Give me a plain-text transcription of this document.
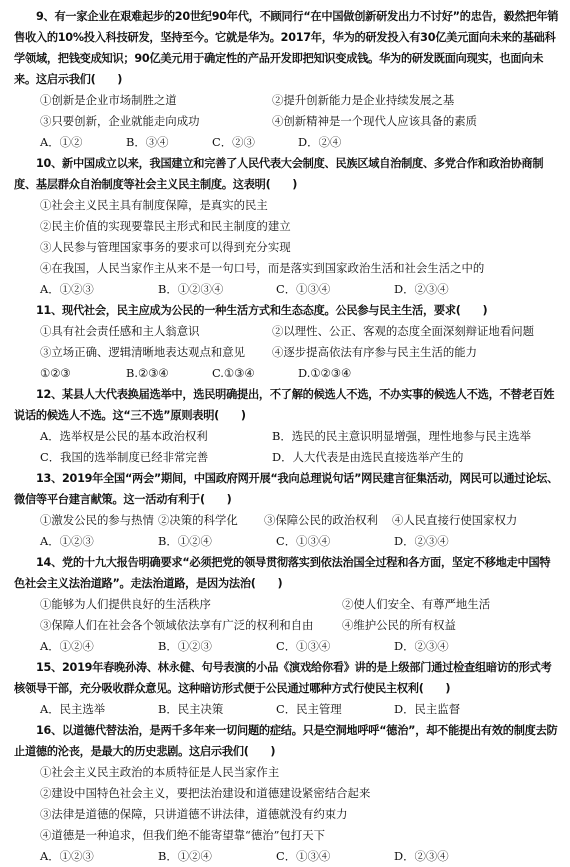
9、有一家企业在艰难起步的20世纪90年代，不顾同行“在中国做创新研发出力不讨好”的忠告，毅然把年销售收入的10%投入科技研发，坚持至今。它就是华为。2017年，华为的研发投入有30亿美元面向未来的基础科学领域，把钱变成知识；90亿美元用于确定性的产品开发即把知识变成钱。华为的研发既面向现实，也面向未来。这启示我们(　　)

①创新是企业市场制胜之道	②提升创新能力是企业持续发展之基
③只要创新，企业就能走向成功	④创新精神是一个现代人应该具备的素质
A．①②	B．③④	C．②③	D．②④

10、新中国成立以来，我国建立和完善了人民代表大会制度、民族区域自治制度、多党合作和政治协商制度、基层群众自治制度等社会主义民主制度。这表明(　　)

①社会主义民主具有制度保障，是真实的民主

②民主价值的实现要靠民主形式和民主制度的建立

③人民参与管理国家事务的要求可以得到充分实现

④在我国，人民当家作主从来不是一句口号，而是落实到国家政治生活和社会生活之中的

A．①②③	B．①②③④	C．①③④	D．②③④

11、现代社会，民主应成为公民的一种生活方式和生态态度。公民参与民主生活，要求(　　)

①具有社会责任感和主人翁意识	②以理性、公正、客观的态度全面深刻辩证地看问题
③立场正确、逻辑清晰地表达观点和意见	④逐步提高依法有序参与民主生活的能力
①②③	B.②③④	C.①③④	D.①②③④

12、某县人大代表换届选举中，选民明确提出，不了解的候选人不选，不办实事的候选人不选，不替老百姓说话的候选人不选。这“三不选”原则表明(　　)

A．选举权是公民的基本政治权利	B．选民的民主意识明显增强，理性地参与民主选举
C．我国的选举制度已经非常完善	D．人大代表是由选民直接选举产生的

13、2019年全国“两会”期间，中国政府网开展“我向总理说句话”网民建言征集活动，网民可以通过论坛、微信等平台建言献策。这一活动有利于(　　)

①激发公民的参与热情 ②决策的科学化	③保障公民的政治权利	④人民直接行使国家权力
A．①②③	B．①②④	C．①③④	D．②③④

14、党的十九大报告明确要求“必须把党的领导贯彻落实到依法治国全过程和各方面，坚定不移地走中国特色社会主义法治道路”。走法治道路，是因为法治(　　)

①能够为人们提供良好的生活秩序	②使人们安全、有尊严地生活
③保障人们在社会各个领域依法享有广泛的权利和自由	④维护公民的所有权益
A．①②④	B．①②③	C．①③④	D．②③④

15、2019年春晚孙涛、林永健、句号表演的小品《演戏给你看》讲的是上级部门通过检查组暗访的形式考核领导干部，充分吸收群众意见。这种暗访形式便于公民通过哪种方式行使民主权利(　　)

A．民主选举	B．民主决策	C．民主管理	D．民主监督

16、以道德代替法治，是两千多年来一切问题的症结。只是空洞地呼呼“德治”，却不能提出有效的制度去防止道德的沦丧，是最大的历史悲剧。这启示我们(　　)

①社会主义民主政治的本质特征是人民当家作主

②建设中国特色社会主义，要把法治建设和道德建设紧密结合起来

③法律是道德的保障，只讲道德不讲法律，道德就没有约束力

④道德是一种追求，但我们绝不能寄望靠“德治”包打天下

A．①②③	B．①②④	C．①③④	D．②③④
